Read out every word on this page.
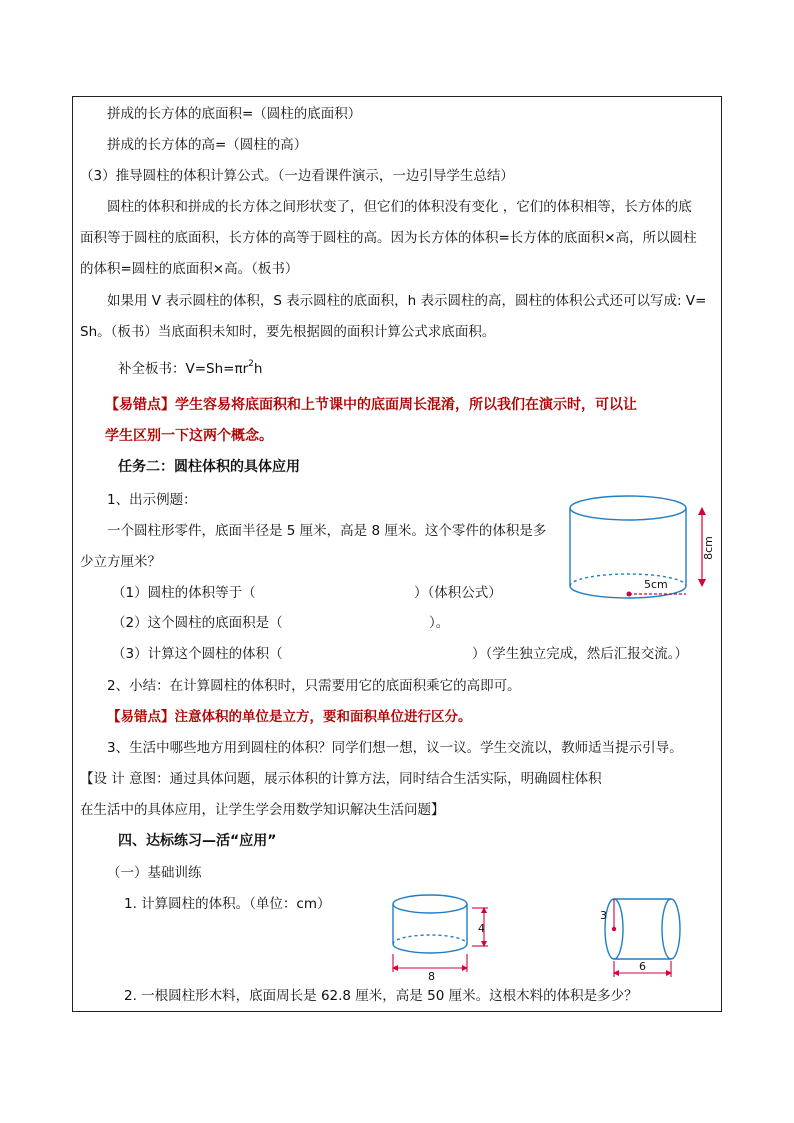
拼成的长方体的底面积=（圆柱的底面积）
拼成的长方体的高=（圆柱的高）
（3）推导圆柱的体积计算公式。（一边看课件演示，一边引导学生总结）
圆柱的体积和拼成的长方体之间形状变了，但它们的体积没有变化 ，它们的体积相等，长方体的底
面积等于圆柱的底面积，长方体的高等于圆柱的高。因为长方体的体积=长方体的底面积×高，所以圆柱
的体积=圆柱的底面积×高。（板书）
如果用 V 表示圆柱的体积，S 表示圆柱的底面积，h 表示圆柱的高，圆柱的体积公式还可以写成: V=
Sh。（板书）当底面积未知时，要先根据圆的面积计算公式求底面积。
补全板书：$V=Sh=\pi r^2h$
【易错点】学生容易将底面积和上节课中的底面周长混淆，所以我们在演示时，可以让
学生区别一下这两个概念。
任务二：圆柱体积的具体应用
1、出示例题：
一个圆柱形零件，底面半径是 5 厘米，高是 8 厘米。这个零件的体积是多
少立方厘米？
（1）圆柱的体积等于（	）（体积公式）
（2）这个圆柱的底面积是（	）。
（3）计算这个圆柱的体积（	）（学生独立完成，然后汇报交流。）
2、小结：在计算圆柱的体积时，只需要用它的底面积乘它的高即可。
【易错点】注意体积的单位是立方，要和面积单位进行区分。
3、生活中哪些地方用到圆柱的体积？同学们想一想，议一议。学生交流以，教师适当提示引导。
【设 计 意图：通过具体问题，展示体积的计算方法，同时结合生活实际，明确圆柱体积
在生活中的具体应用，让学生学会用数学知识解决生活问题】
四、达标练习—活“应用”
（一）基础训练
1. 计算圆柱的体积。（单位：cm）
2. 一根圆柱形木料，底面周长是 62.8 厘米，高是 50 厘米。这根木料的体积是多少？
8cm
5cm
4
8
3
6
